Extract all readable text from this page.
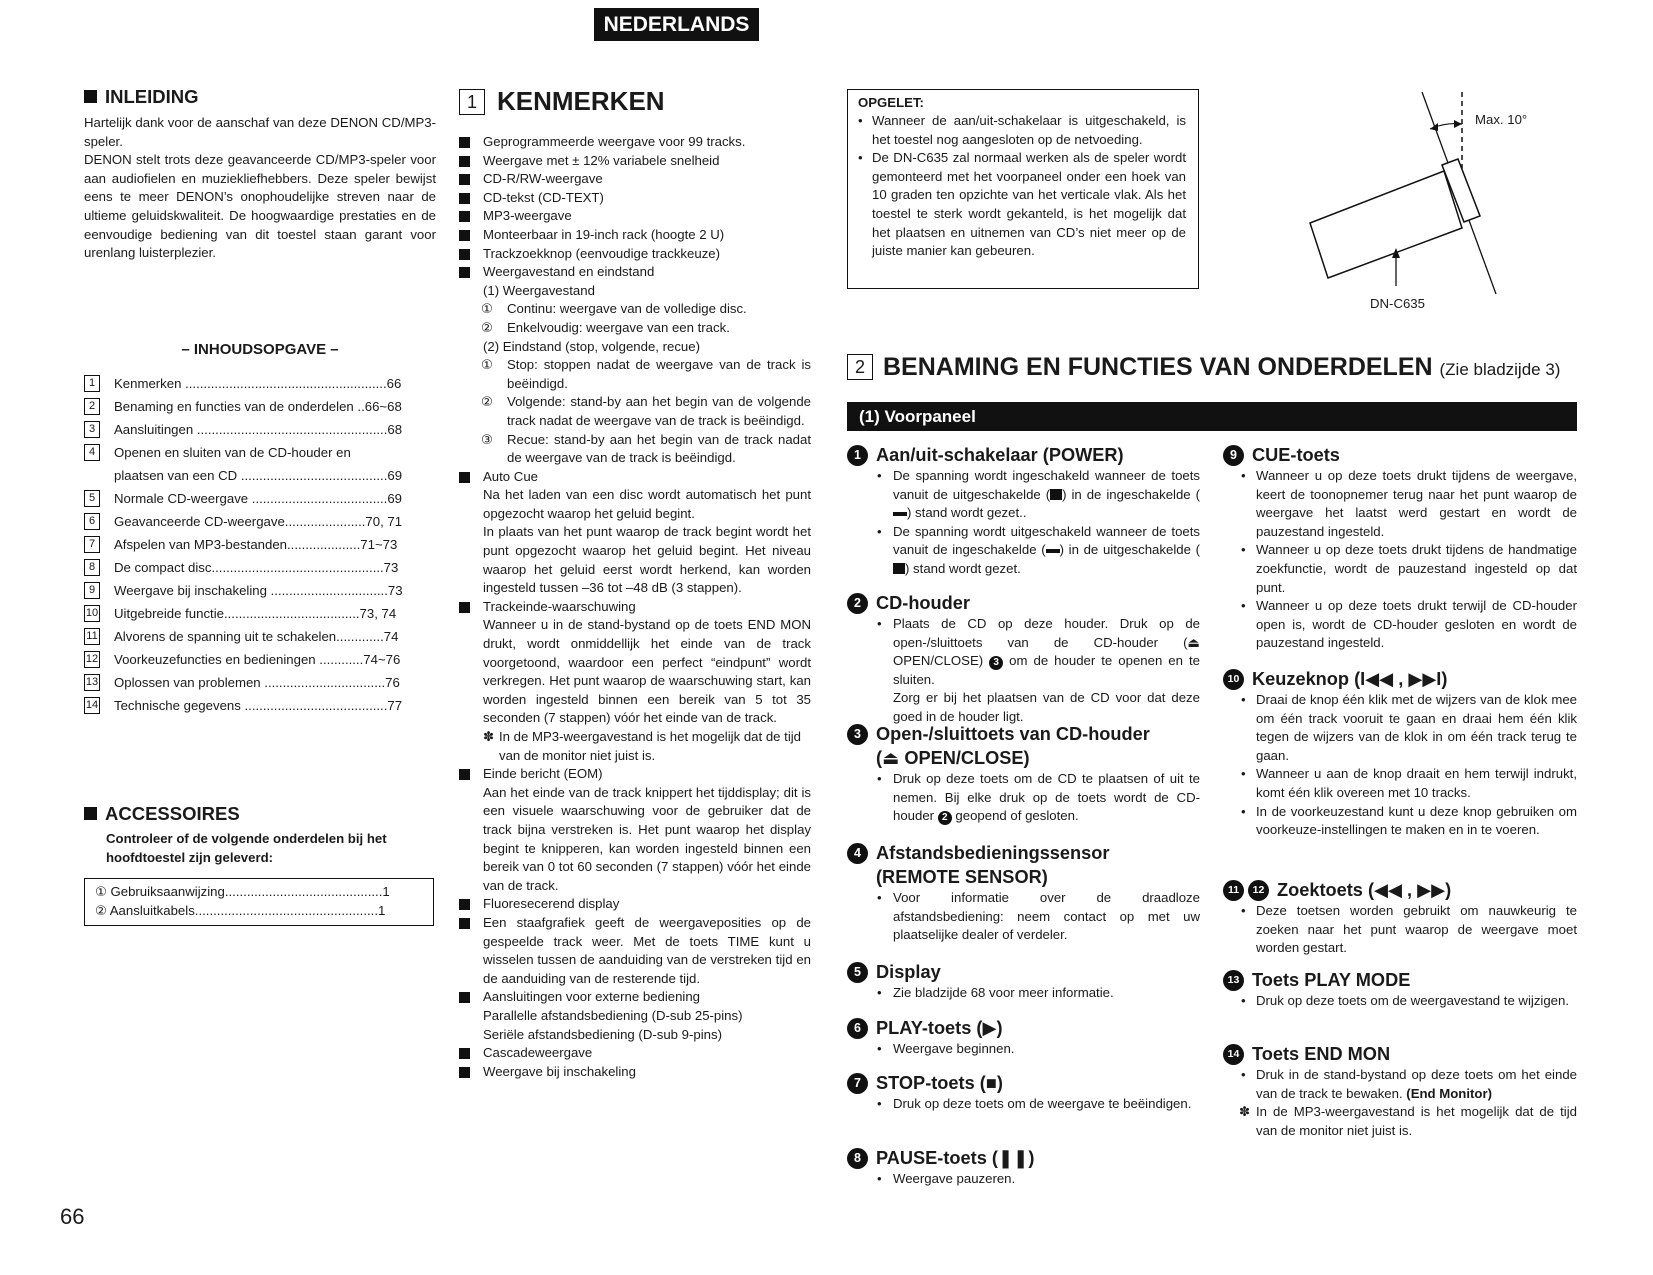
NEDERLANDS
INLEIDING
Hartelijk dank voor de aanschaf van deze DENON CD/MP3-speler.
DENON stelt trots deze geavanceerde CD/MP3-speler voor aan audiofielen en muziekliefhebbers. Deze speler bewijst eens te meer DENON’s onophoudelijke streven naar de ultieme geluidskwaliteit. De hoogwaardige prestaties en de eenvoudige bediening van dit toestel staan garant voor urenlang luisterplezier.
– INHOUDSOPGAVE –
1	Kenmerken .......................................................66
2	Benaming en functies van de onderdelen ..66~68
3	Aansluitingen ....................................................68
4	Openen en sluiten van de CD-houder en
plaatsen van een CD ........................................69
5	Normale CD-weergave .....................................69
6	Geavanceerde CD-weergave......................70, 71
7	Afspelen van MP3-bestanden....................71~73
8	De compact disc...............................................73
9	Weergave bij inschakeling ................................73
10 Uitgebreide functie.....................................73, 74
11 Alvorens de spanning uit te schakelen.............74
12 Voorkeuzefuncties en bedieningen ............74~76
13 Oplossen van problemen .................................76
14 Technische gegevens .......................................77
ACCESSOIRES
Controleer of de volgende onderdelen bij het hoofdtoestel zijn geleverd:
① Gebruiksaanwijzing...........................................1
② Aansluitkabels..................................................1
66
1 KENMERKEN
Geprogrammeerde weergave voor 99 tracks.
Weergave met ± 12% variabele snelheid
CD-R/RW-weergave
CD-tekst (CD-TEXT)
MP3-weergave
Monteerbaar in 19-inch rack (hoogte 2 U)
Trackzoekknop (eenvoudige trackkeuze)
Weergavestand en eindstand
(1) Weergavestand
① Continu: weergave van de volledige disc.
② Enkelvoudig: weergave van een track.
(2) Eindstand (stop, volgende, recue)
① Stop: stoppen nadat de weergave van de track is beëindigd.
② Volgende: stand-by aan het begin van de volgende track nadat de weergave van de track is beëindigd.
③ Recue: stand-by aan het begin van de track nadat de weergave van de track is beëindigd.
Auto Cue
Na het laden van een disc wordt automatisch het punt opgezocht waarop het geluid begint.
In plaats van het punt waarop de track begint wordt het punt opgezocht waarop het geluid begint. Het niveau waarop het geluid eerst wordt herkend, kan worden ingesteld tussen –36 tot –48 dB (3 stappen).
Trackeinde-waarschuwing
Wanneer u in de stand-bystand op de toets END MON drukt, wordt onmiddellijk het einde van de track voorgetoond, waardoor een perfect “eindpunt” wordt verkregen. Het punt waarop de waarschuwing start, kan worden ingesteld binnen een bereik van 5 tot 35 seconden (7 stappen) vóór het einde van de track.
✽ In de MP3-weergavestand is het mogelijk dat de tijd van de monitor niet juist is.
Einde bericht (EOM)
Aan het einde van de track knippert het tijddisplay; dit is een visuele waarschuwing voor de gebruiker dat de track bijna verstreken is. Het punt waarop het display begint te knipperen, kan worden ingesteld binnen een bereik van 0 tot 60 seconden (7 stappen) vóór het einde van de track.
Fluoresecerend display
Een staafgrafiek geeft de weergaveposities op de gespeelde track weer. Met de toets TIME kunt u wisselen tussen de aanduiding van de verstreken tijd en de aanduiding van de resterende tijd.
Aansluitingen voor externe bediening
Parallelle afstandsbediening (D-sub 25-pins)
Seriële afstandsbediening (D-sub 9-pins)
Cascadeweergave
Weergave bij inschakeling
OPGELET:
• Wanneer de aan/uit-schakelaar is uitgeschakeld, is het toestel nog aangesloten op de netvoeding.
• De DN-C635 zal normaal werken als de speler wordt gemonteerd met het voorpaneel onder een hoek van 10 graden ten opzichte van het verticale vlak. Als het toestel te sterk wordt gekanteld, is het mogelijk dat het plaatsen en uitnemen van CD’s niet meer op de juiste manier kan gebeuren.
Max. 10°
DN-C635
2 BENAMING EN FUNCTIES VAN ONDERDELEN (Zie bladzijde 3)
(1) Voorpaneel
1 Aan/uit-schakelaar (POWER)
• De spanning wordt ingeschakeld wanneer de toets vanuit de uitgeschakelde ( ) in de ingeschakelde () stand wordt gezet..
• De spanning wordt uitgeschakeld wanneer de toets vanuit de ingeschakelde ( ) in de uitgeschakelde () stand wordt gezet.
2 CD-houder
• Plaats de CD op deze houder. Druk op de open-/sluittoets van de CD-houder (⏏ OPEN/CLOSE) 3 om de houder te openen en te sluiten.
Zorg er bij het plaatsen van de CD voor dat deze goed in de houder ligt.
3 Open-/sluittoets van CD-houder
(⏏ OPEN/CLOSE)
• Druk op deze toets om de CD te plaatsen of uit te nemen. Bij elke druk op de toets wordt de CD-houder 2 geopend of gesloten.
4 Afstandsbedieningssensor
(REMOTE SENSOR)
• Voor informatie over de draadloze afstandsbediening: neem contact op met uw plaatselijke dealer of verdeler.
5 Display
• Zie bladzijde 68 voor meer informatie.
6 PLAY-toets (▶)
• Weergave beginnen.
7 STOP-toets (■)
• Druk op deze toets om de weergave te beëindigen.
8 PAUSE-toets (❚❚)
• Weergave pauzeren.
9 CUE-toets
• Wanneer u op deze toets drukt tijdens de weergave, keert de toonopnemer terug naar het punt waarop de weergave het laatst werd gestart en wordt de pauzestand ingesteld.
• Wanneer u op deze toets drukt tijdens de handmatige zoekfunctie, wordt de pauzestand ingesteld op dat punt.
• Wanneer u op deze toets drukt terwijl de CD-houder open is, wordt de CD-houder gesloten en wordt de pauzestand ingesteld.
10 Keuzeknop (I◀◀ , ▶▶I)
• Draai de knop één klik met de wijzers van de klok mee om één track vooruit te gaan en draai hem één klik tegen de wijzers van de klok in om één track terug te gaan.
• Wanneer u aan de knop draait en hem terwijl indrukt, komt één klik overeen met 10 tracks.
• In de voorkeuzestand kunt u deze knop gebruiken om voorkeuze-instellingen te maken en in te voeren.
11	12 Zoektoets (◀◀ , ▶▶)
• Deze toetsen worden gebruikt om nauwkeurig te zoeken naar het punt waarop de weergave moet worden gestart.
13 Toets PLAY MODE
• Druk op deze toets om de weergavestand te wijzigen.
14 Toets END MON
• Druk in de stand-bystand op deze toets om het einde van de track te bewaken. (End Monitor)
✽ In de MP3-weergavestand is het mogelijk dat de tijd van de monitor niet juist is.
